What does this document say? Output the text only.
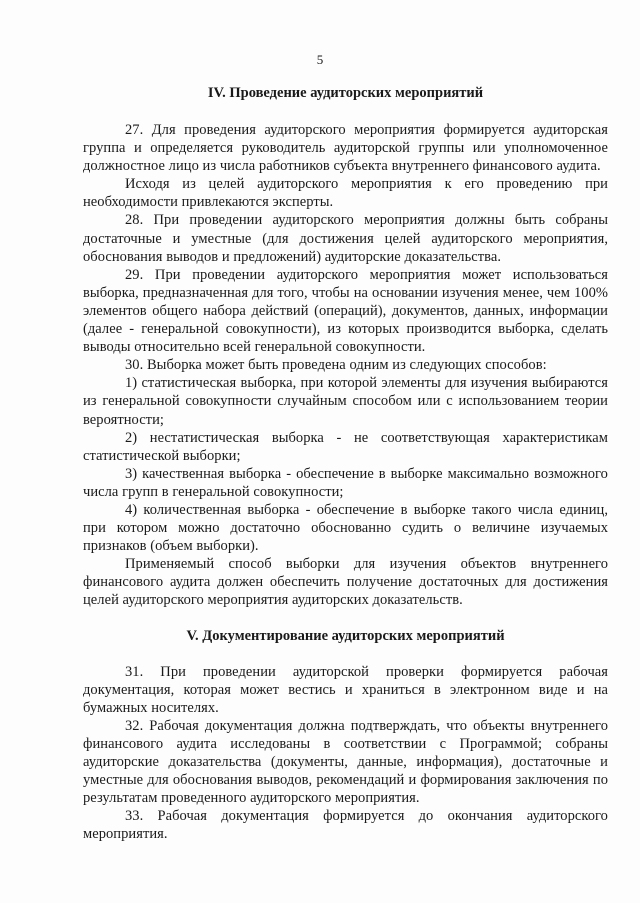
5
IV. Проведение аудиторских мероприятий

27. Для проведения аудиторского мероприятия формируется аудиторская группа и определяется руководитель аудиторской группы или уполномоченное должностное лицо из числа работников субъекта внутреннего финансового аудита.

Исходя из целей аудиторского мероприятия к его проведению при необходимости привлекаются эксперты.

28. При проведении аудиторского мероприятия должны быть собраны достаточные и уместные (для достижения целей аудиторского мероприятия, обоснования выводов и предложений) аудиторские доказательства.

29. При проведении аудиторского мероприятия может использоваться выборка, предназначенная для того, чтобы на основании изучения менее, чем 100% элементов общего набора действий (операций), документов, данных, информации (далее - генеральной совокупности), из которых производится выборка, сделать выводы относительно всей генеральной совокупности.

30. Выборка может быть проведена одним из следующих способов:

1) статистическая выборка, при которой элементы для изучения выбираются из генеральной совокупности случайным способом или с использованием теории вероятности;

2) нестатистическая выборка - не соответствующая характеристикам статистической выборки;

3) качественная выборка - обеспечение в выборке максимально возможного числа групп в генеральной совокупности;

4) количественная выборка - обеспечение в выборке такого числа единиц, при котором можно достаточно обоснованно судить о величине изучаемых признаков (объем выборки).

Применяемый способ выборки для изучения объектов внутреннего финансового аудита должен обеспечить получение достаточных для достижения целей аудиторского мероприятия аудиторских доказательств.

V. Документирование аудиторских мероприятий

31. При проведении аудиторской проверки формируется рабочая документация, которая может вестись и храниться в электронном виде и на бумажных носителях.

32. Рабочая документация должна подтверждать, что объекты внутреннего финансового аудита исследованы в соответствии с Программой; собраны аудиторские доказательства (документы, данные, информация), достаточные и уместные для обоснования выводов, рекомендаций и формирования заключения по результатам проведенного аудиторского мероприятия.

33. Рабочая документация формируется до окончания аудиторского мероприятия.
